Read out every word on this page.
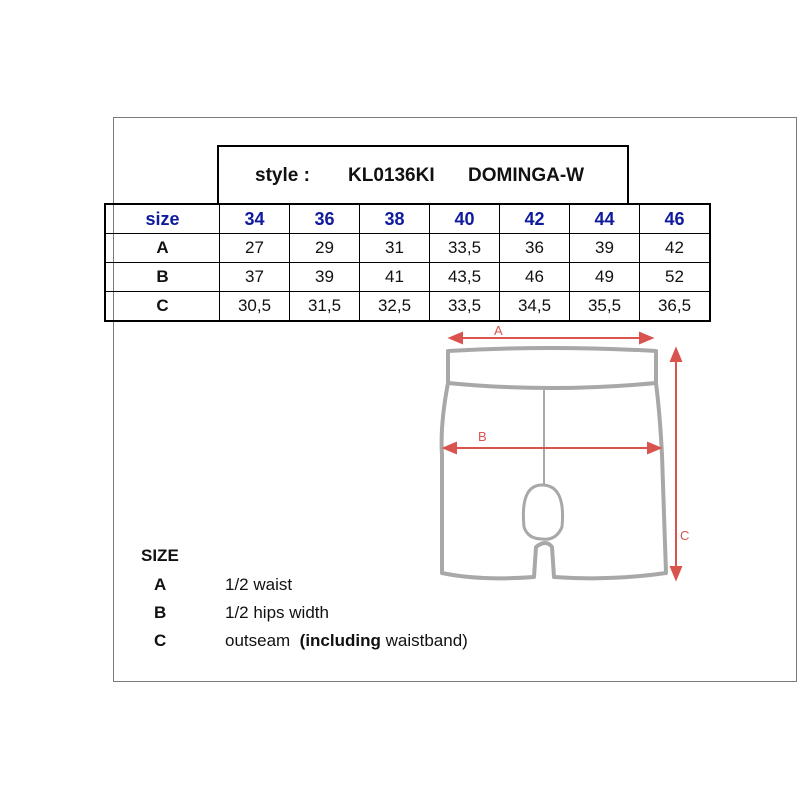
style : KL0136KI DOMINGA-W
size	34	36	38	40	42	44	46
A	27	29	31	33,5	36	39	42
B	37	39	41	43,5	46	49	52
C	30,5	31,5	32,5	33,5	34,5	35,5	36,5
A
B
C
SIZE
A	1/2 waist
B	1/2 hips width
C	outseam (including waistband)
